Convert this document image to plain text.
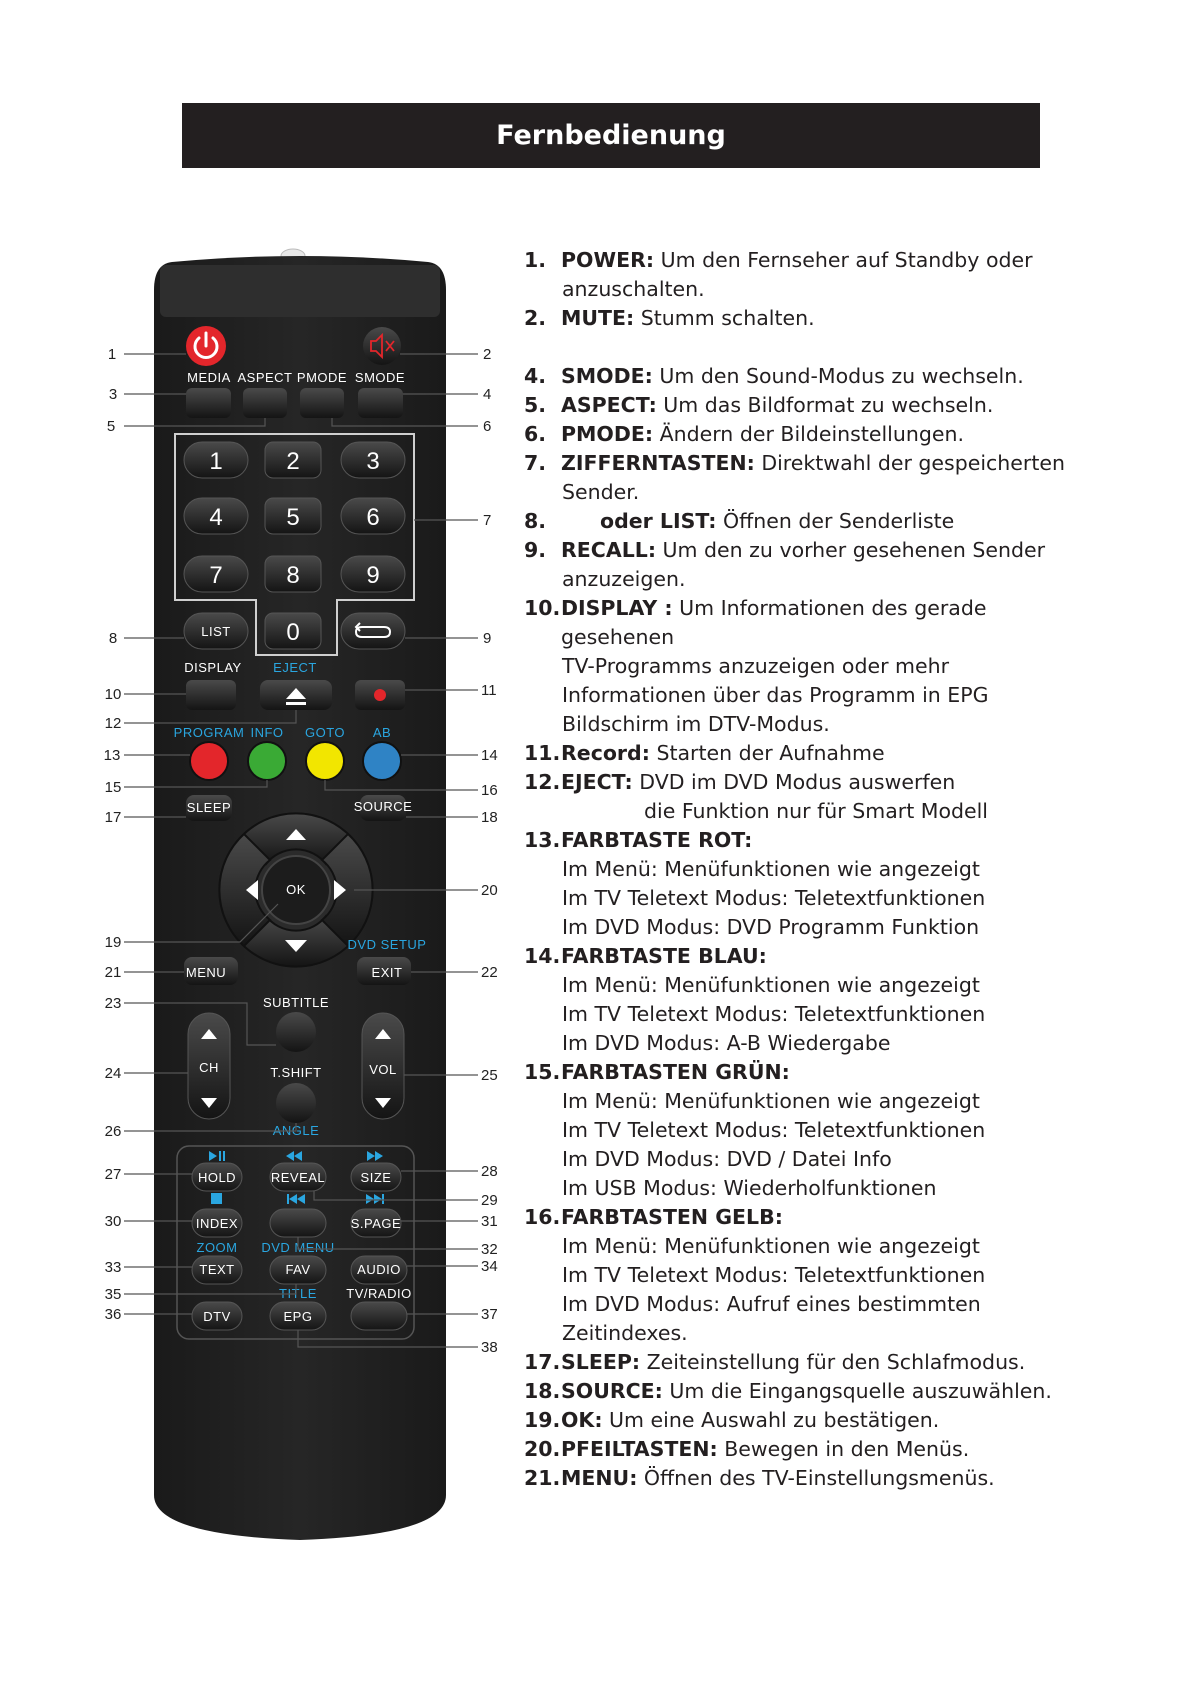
Fernbedienung
MEDIA ASPECT PMODE SMODE
1	2	3
4	5	6
7	8	9
0
LIST
DISPLAY EJECT
PROGRAM INFO GOTO AB
SLEEP	SOURCE
OK
DVD SETUP
MENU	EXIT
SUBTITLE
CH	VOL
T.SHIFT
ANGLE
HOLD	REVEAL	SIZE
INDEX	S.PAGE
ZOOM DVD MENU
TEXT	FAV	AUDIO
TITLE TV/RADIO
DTV	EPG
1	2
3	4
5	6
7
8	9
10	11
12
13	14
15	16
17	18
19
20
21	22
23
24	25
26
27	28
29
30	31
32
33	34
35
36	37
38
1. POWER: Um den Fernseher auf Standby oder
anzuschalten.
2. MUTE: Stumm schalten.
4. SMODE: Um den Sound-Modus zu wechseln.
5. ASPECT: Um das Bildformat zu wechseln.
6. PMODE: Ändern der Bildeinstellungen.
7. ZIFFERNTASTEN: Direktwahl der gespeicherten
Sender.
8.	oder LIST: Öffnen der Senderliste
9. RECALL: Um den zu vorher gesehenen Sender
anzuzeigen.
10. DISPLAY : Um Informationen des gerade gesehenen
TV-Programms anzuzeigen oder mehr
Informationen über das Programm in EPG
Bildschirm im DTV-Modus.
11. Record: Starten der Aufnahme
12. EJECT: DVD im DVD Modus auswerfen
die Funktion nur für Smart Modell
13. FARBTASTE ROT:
Im Menü: Menüfunktionen wie angezeigt
Im TV Teletext Modus: Teletextfunktionen
Im DVD Modus: DVD Programm Funktion
14. FARBTASTE BLAU:
Im Menü: Menüfunktionen wie angezeigt
Im TV Teletext Modus: Teletextfunktionen
Im DVD Modus: A-B Wiedergabe
15. FARBTASTEN GRÜN:
Im Menü: Menüfunktionen wie angezeigt
Im TV Teletext Modus: Teletextfunktionen
Im DVD Modus: DVD / Datei Info
Im USB Modus: Wiederholfunktionen
16. FARBTASTEN GELB:
Im Menü: Menüfunktionen wie angezeigt
Im TV Teletext Modus: Teletextfunktionen
Im DVD Modus: Aufruf eines bestimmten
Zeitindexes.
17. SLEEP: Zeiteinstellung für den Schlafmodus.
18. SOURCE: Um die Eingangsquelle auszuwählen.
19. OK: Um eine Auswahl zu bestätigen.
20. PFEILTASTEN: Bewegen in den Menüs.
21. MENU: Öffnen des TV-Einstellungsmenüs.
